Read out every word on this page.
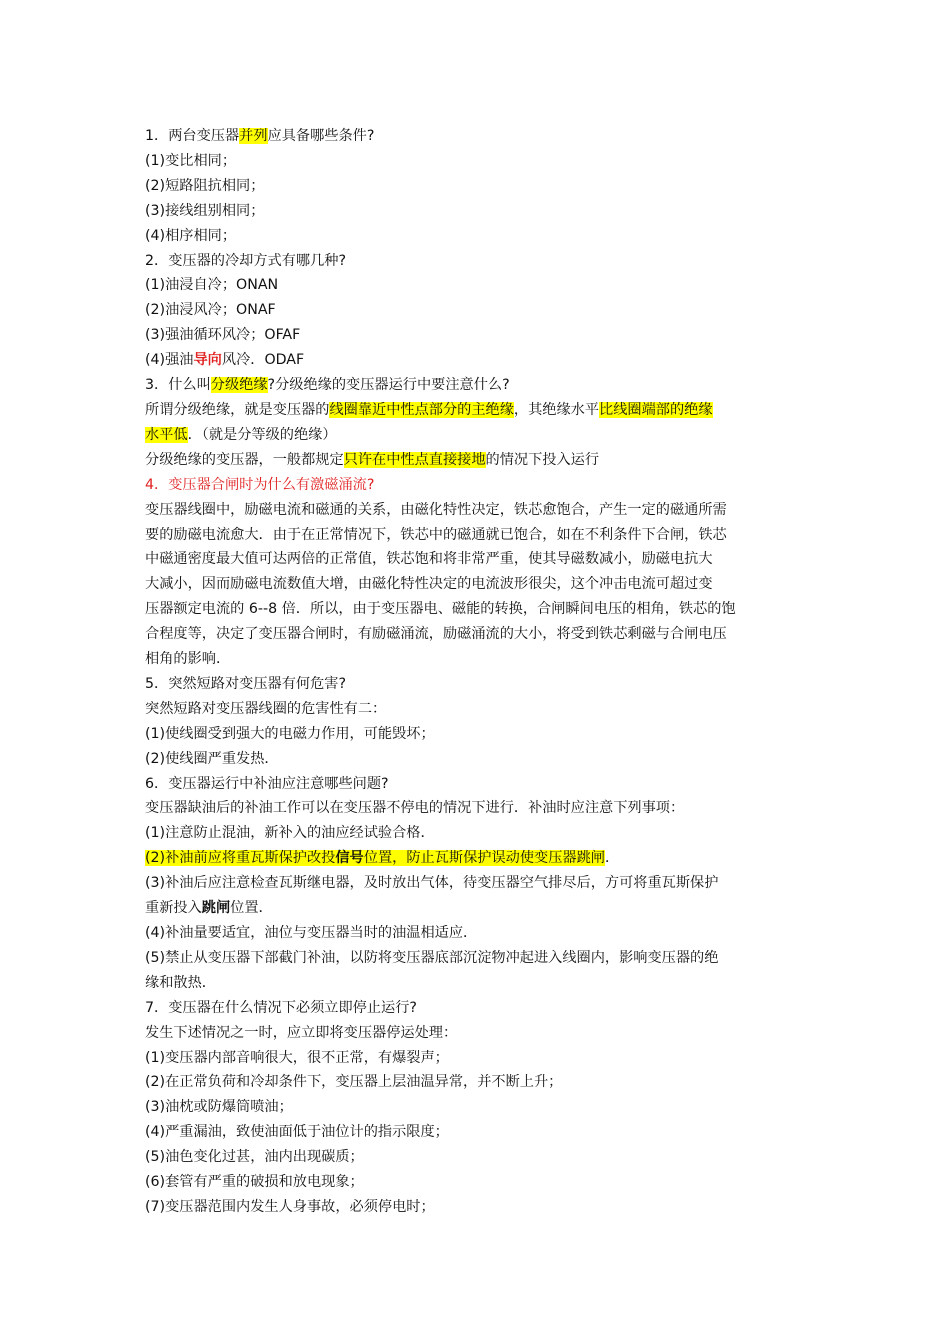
1．两台变压器并列应具备哪些条件?
(1)变比相同；
(2)短路阻抗相同；
(3)接线组别相同；
(4)相序相同；
2．变压器的冷却方式有哪几种?
(1)油浸自冷；ONAN
(2)油浸风冷；ONAF
(3)强油循环风冷；OFAF
(4)强油导向风冷．ODAF
3．什么叫分级绝缘?分级绝缘的变压器运行中要注意什么?
所谓分级绝缘，就是变压器的线圈靠近中性点部分的主绝缘，其绝缘水平比线圈端部的绝缘
水平低．（就是分等级的绝缘）
分级绝缘的变压器，一般都规定只许在中性点直接接地的情况下投入运行
4．变压器合闸时为什么有激磁涌流?
变压器线圈中，励磁电流和磁通的关系，由磁化特性决定，铁芯愈饱合，产生一定的磁通所需
要的励磁电流愈大．由于在正常情况下，铁芯中的磁通就已饱合，如在不利条件下合闸，铁芯
中磁通密度最大值可达两倍的正常值，铁芯饱和将非常严重，使其导磁数减小，励磁电抗大
大减小，因而励磁电流数值大增，由磁化特性决定的电流波形很尖，这个冲击电流可超过变
压器额定电流的 6--8 倍．所以，由于变压器电、磁能的转换，合闸瞬间电压的相角，铁芯的饱
合程度等，决定了变压器合闸时，有励磁涌流，励磁涌流的大小，将受到铁芯剩磁与合闸电压
相角的影响．
5．突然短路对变压器有何危害?
突然短路对变压器线圈的危害性有二：
(1)使线圈受到强大的电磁力作用，可能毁坏；
(2)使线圈严重发热．
6．变压器运行中补油应注意哪些问题?
变压器缺油后的补油工作可以在变压器不停电的情况下进行．补油时应注意下列事项：
(1)注意防止混油，新补入的油应经试验合格．
(2)补油前应将重瓦斯保护改投信号位置，防止瓦斯保护误动使变压器跳闸．
(3)补油后应注意检查瓦斯继电器，及时放出气体，待变压器空气排尽后，方可将重瓦斯保护
重新投入跳闸位置．
(4)补油量要适宜，油位与变压器当时的油温相适应．
(5)禁止从变压器下部截门补油，以防将变压器底部沉淀物冲起进入线圈内，影响变压器的绝
缘和散热．
7．变压器在什么情况下必须立即停止运行?
发生下述情况之一时，应立即将变压器停运处理：
(1)变压器内部音响很大，很不正常，有爆裂声；
(2)在正常负荷和冷却条件下，变压器上层油温异常，并不断上升；
(3)油枕或防爆筒喷油；
(4)严重漏油，致使油面低于油位计的指示限度；
(5)油色变化过甚，油内出现碳质；
(6)套管有严重的破损和放电现象；
(7)变压器范围内发生人身事故，必须停电时；
